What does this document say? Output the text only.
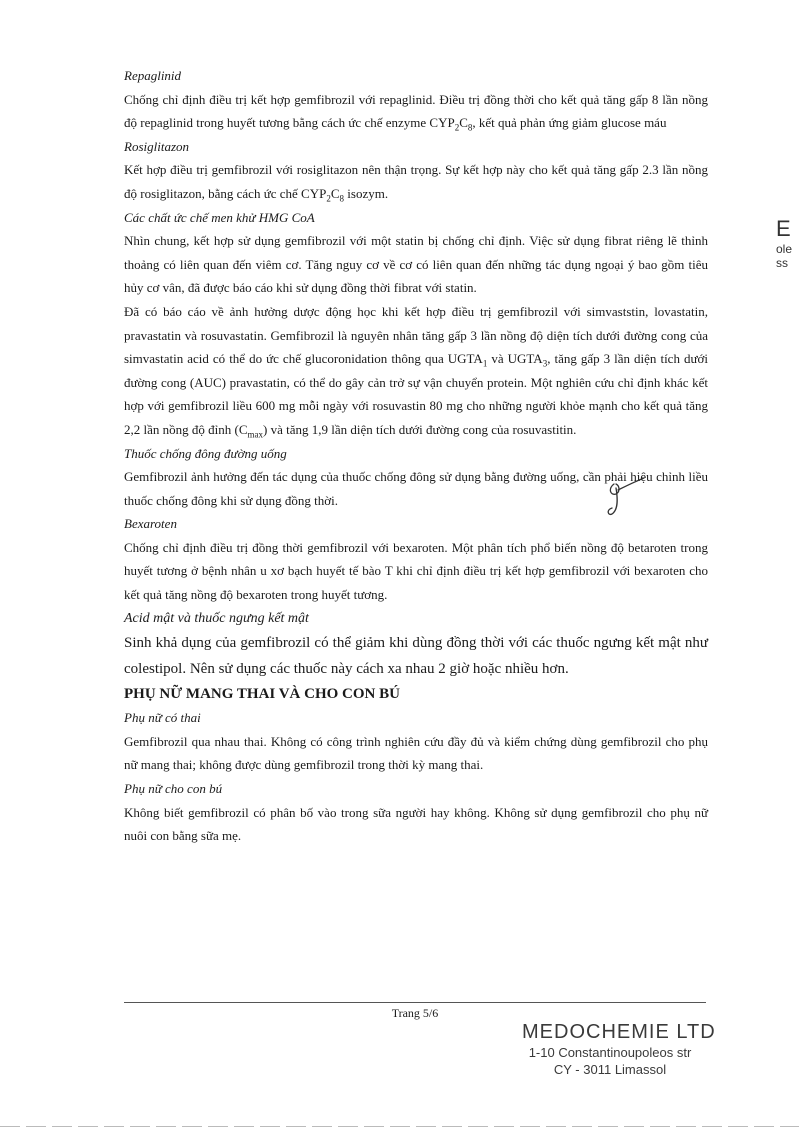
Repaglinid

Chống chỉ định điều trị kết hợp gemfibrozil với repaglinid. Điều trị đồng thời cho kết quả tăng gấp 8 lần nồng độ repaglinid trong huyết tương bằng cách ức chế enzyme $CYP_2C_8$, kết quả phản ứng giảm glucose máu

Rosiglitazon

Kết hợp điều trị gemfibrozil với rosiglitazon nên thận trọng. Sự kết hợp này cho kết quả tăng gấp 2.3 lần nồng độ rosiglitazon, bằng cách ức chế $CYP_2C_8$ isozym.

Các chất ức chế men khử HMG CoA

Nhìn chung, kết hợp sử dụng gemfibrozil với một statin bị chống chỉ định. Việc sử dụng fibrat riêng lẽ thỉnh thoảng có liên quan đến viêm cơ. Tăng nguy cơ về cơ có liên quan đến những tác dụng ngoại ý bao gồm tiêu hủy cơ vân, đã được báo cáo khi sử dụng đồng thời fibrat với statin.

Đã có báo cáo về ảnh hưởng dược động học khi kết hợp điều trị gemfibrozil với simvaststin, lovastatin, pravastatin và rosuvastatin. Gemfibrozil là nguyên nhân tăng gấp 3 lần nồng độ diện tích dưới đường cong của simvastatin acid có thể do ức chế glucoronidation thông qua $UGTA_1$ và $UGTA_3$, tăng gấp 3 lần diện tích dưới đường cong (AUC) pravastatin, có thể do gây cản trở sự vận chuyển protein. Một nghiên cứu chỉ định khác kết hợp với gemfibrozil liều 600 mg mỗi ngày với rosuvastin 80 mg cho những người khỏe mạnh cho kết quả tăng 2,2 lần nồng độ đỉnh $(C_{max})$ và tăng 1,9 lần diện tích dưới đường cong của rosuvastitin.

Thuốc chống đông đường uống

Gemfibrozil ảnh hưởng đến tác dụng của thuốc chống đông sử dụng bằng đường uống, cần phải hiệu chỉnh liều thuốc chống đông khi sử dụng đồng thời.

Bexaroten

Chống chỉ định điều trị đồng thời gemfibrozil với bexaroten. Một phân tích phổ biến nồng độ betaroten trong huyết tương ở bệnh nhân u xơ bạch huyết tế bào T khi chỉ định điều trị kết hợp gemfibrozil với bexaroten cho kết quả tăng nồng độ bexaroten trong huyết tương.

Acid mật và thuốc ngưng kết mật

Sinh khả dụng của gemfibrozil có thể giảm khi dùng đồng thời với các thuốc ngưng kết mật như colestipol. Nên sử dụng các thuốc này cách xa nhau 2 giờ hoặc nhiều hơn.

PHỤ NỮ MANG THAI VÀ CHO CON BÚ

Phụ nữ có thai

Gemfibrozil qua nhau thai. Không có công trình nghiên cứu đầy đủ và kiểm chứng dùng gemfibrozil cho phụ nữ mang thai; không được dùng gemfibrozil trong thời kỳ mang thai.

Phụ nữ cho con bú

Không biết gemfibrozil có phân bố vào trong sữa người hay không. Không sử dụng gemfibrozil cho phụ nữ nuôi con bằng sữa mẹ.

Trang 5/6
MEDOCHEMIE LTD
1-10 Constantinoupoleos str
CY - 3011 Limassol
E
ole
ss
